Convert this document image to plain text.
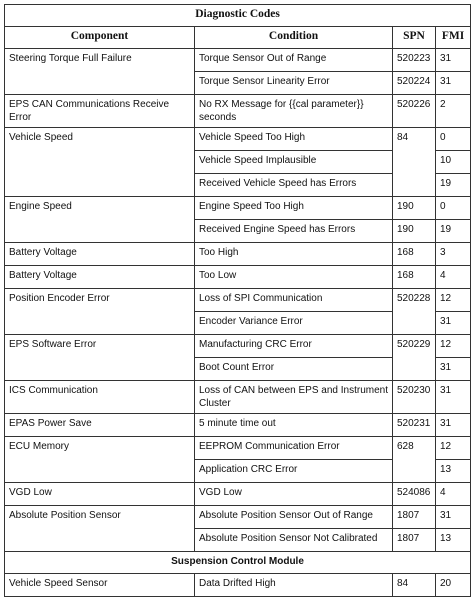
Diagnostic Codes			
Component	Condition	SPN	FMI
Steering Torque Full Failure	Torque Sensor Out of Range	520223	31
	Torque Sensor Linearity Error	520224	31
EPS CAN Communications Receive Error	No RX Message for {{cal parameter}} seconds	520226	2
Vehicle Speed	Vehicle Speed Too High	84	0
	Vehicle Speed Implausible		10
	Received Vehicle Speed has Errors		19
Engine Speed	Engine Speed Too High	190	0
	Received Engine Speed has Errors	190	19
Battery Voltage	Too High	168	3
Battery Voltage	Too Low	168	4
Position Encoder Error	Loss of SPI Communication	520228	12
	Encoder Variance Error		31
EPS Software Error	Manufacturing CRC Error	520229	12
	Boot Count Error		31
ICS Communication	Loss of CAN between EPS and Instrument Cluster	520230	31
EPAS Power Save	5 minute time out	520231	31
ECU Memory	EEPROM Communication Error	628	12
	Application CRC Error		13
VGD Low	VGD Low	524086	4
Absolute Position Sensor	Absolute Position Sensor Out of Range	1807	31
	Absolute Position Sensor Not Calibrated	1807	13
Suspension Control Module			
Vehicle Speed Sensor	Data Drifted High	84	20
